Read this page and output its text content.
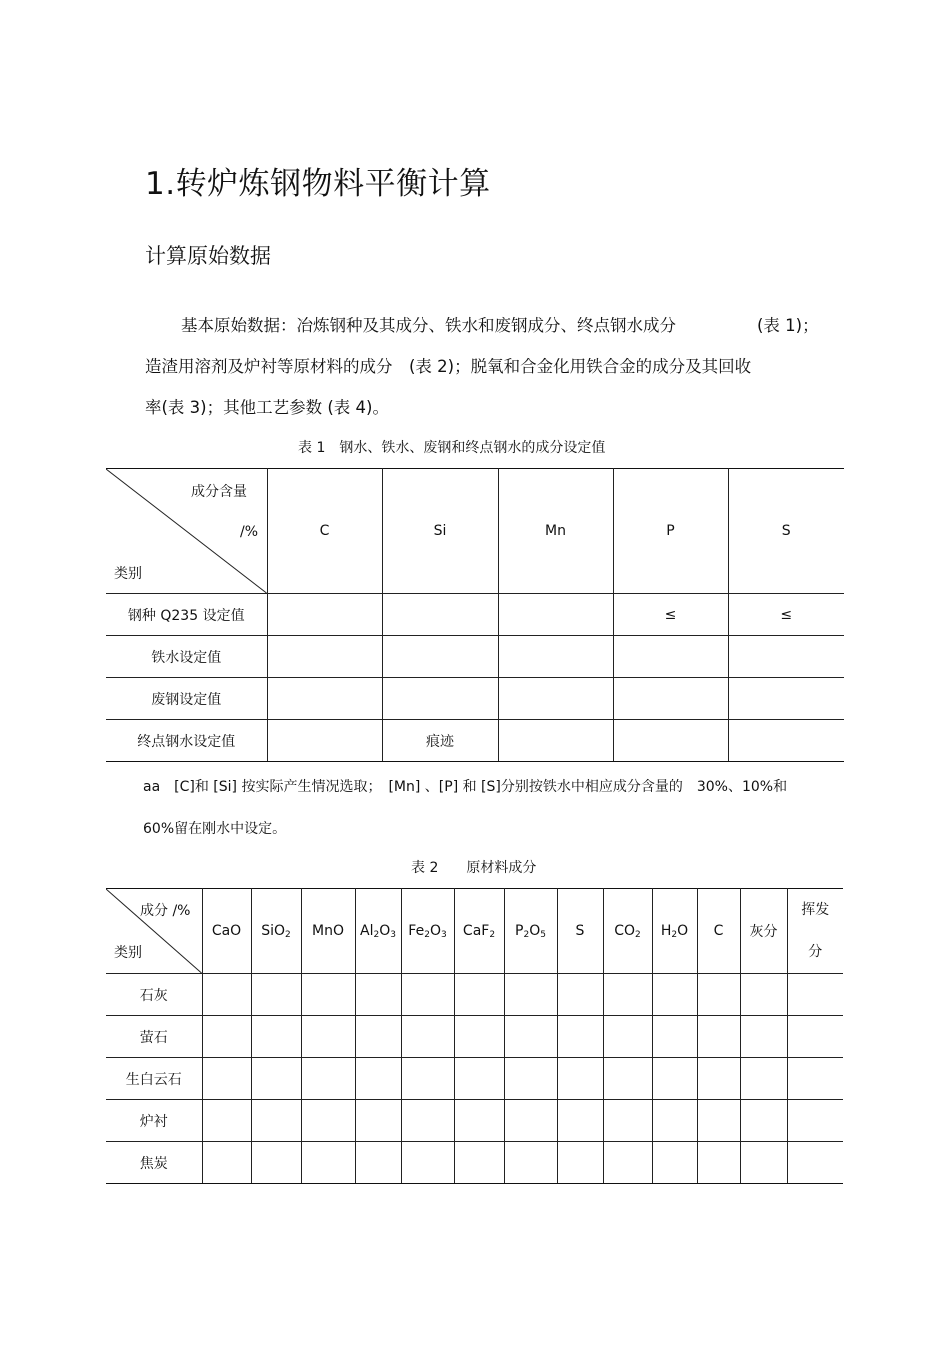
1.转炉炼钢物料平衡计算
计算原始数据
基本原始数据：冶炼钢种及其成分、铁水和废钢成分、终点钢水成分	(表 1)；
造渣用溶剂及炉衬等原材料的成分　(表 2)；脱氧和合金化用铁合金的成分及其回收
率(表 3)；其他工艺参数 (表 4)。
表 1　钢水、铁水、废钢和终点钢水的成分设定值
成分含量
/%
类别	C	Si	Mn	P	S
钢种 Q235 设定值				≤	≤
铁水设定值					
废钢设定值					
终点钢水设定值		痕迹			
aa　[C]和 [Si] 按实际产生情况选取；　[Mn] 、[P] 和 [S]分别按铁水中相应成分含量的　30%、10%和
60%留在刚水中设定。
表 2　　原材料成分
成分 /%
类别	CaO	SiO$_2$	MnO	$Al_2O_3$	$Fe_2O_3$	CaF$_2$	$P_2O_5$	S	$CO_2$	$H_2O$	C	灰分	挥发
分
石灰													
萤石													
生白云石													
炉衬													
焦炭													
